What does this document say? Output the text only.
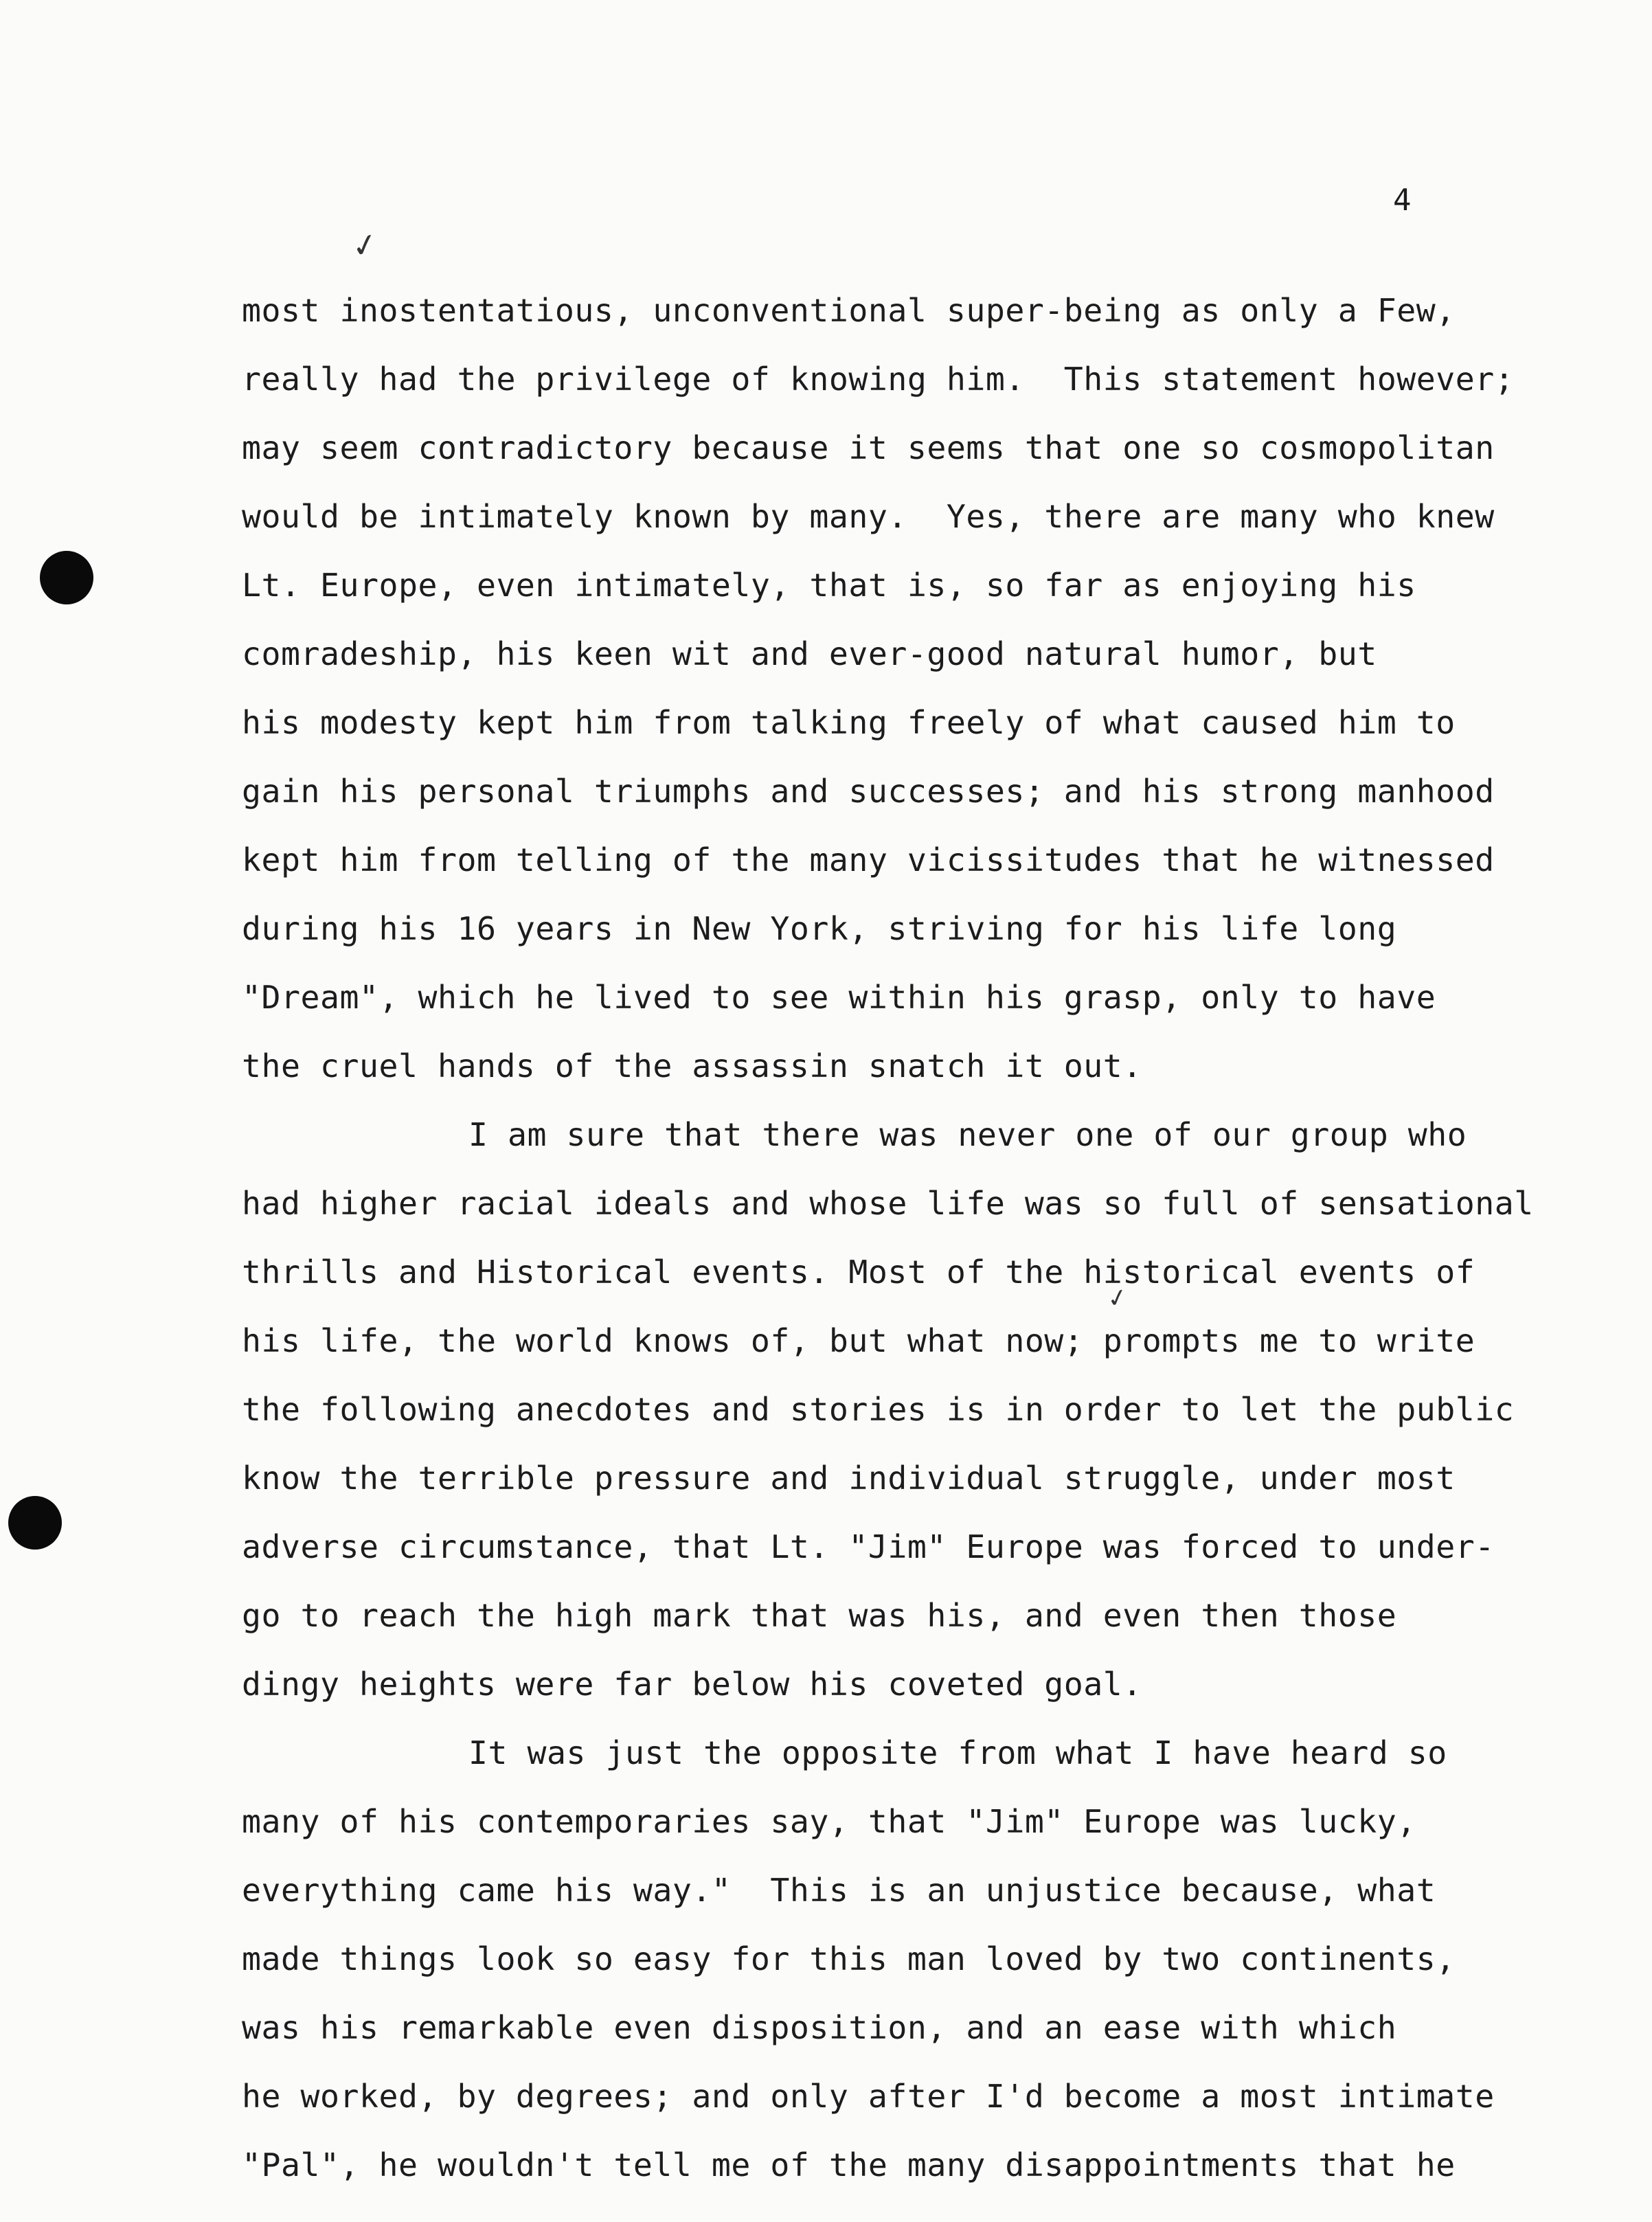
4
✓
✓
most inostentatious, unconventional super-being as only a Few,
really had the privilege of knowing him.  This statement however;
may seem contradictory because it seems that one so cosmopolitan
would be intimately known by many.  Yes, there are many who knew
Lt. Europe, even intimately, that is, so far as enjoying his
comradeship, his keen wit and ever-good natural humor, but
his modesty kept him from talking freely of what caused him to
gain his personal triumphs and successes; and his strong manhood
kept him from telling of the many vicissitudes that he witnessed
during his 16 years in New York, striving for his life long
"Dream", which he lived to see within his grasp, only to have
the cruel hands of the assassin snatch it out.
I am sure that there was never one of our group who
had higher racial ideals and whose life was so full of sensational
thrills and Historical events. Most of the historical events of
his life, the world knows of, but what now; prompts me to write
the following anecdotes and stories is in order to let the public
know the terrible pressure and individual struggle, under most
adverse circumstance, that Lt. "Jim" Europe was forced to under-
go to reach the high mark that was his, and even then those
dingy heights were far below his coveted goal.
It was just the opposite from what I have heard so
many of his contemporaries say, that "Jim" Europe was lucky,
everything came his way."  This is an unjustice because, what
made things look so easy for this man loved by two continents,
was his remarkable even disposition, and an ease with which
he worked, by degrees; and only after I'd become a most intimate
"Pal", he wouldn't tell me of the many disappointments that he
